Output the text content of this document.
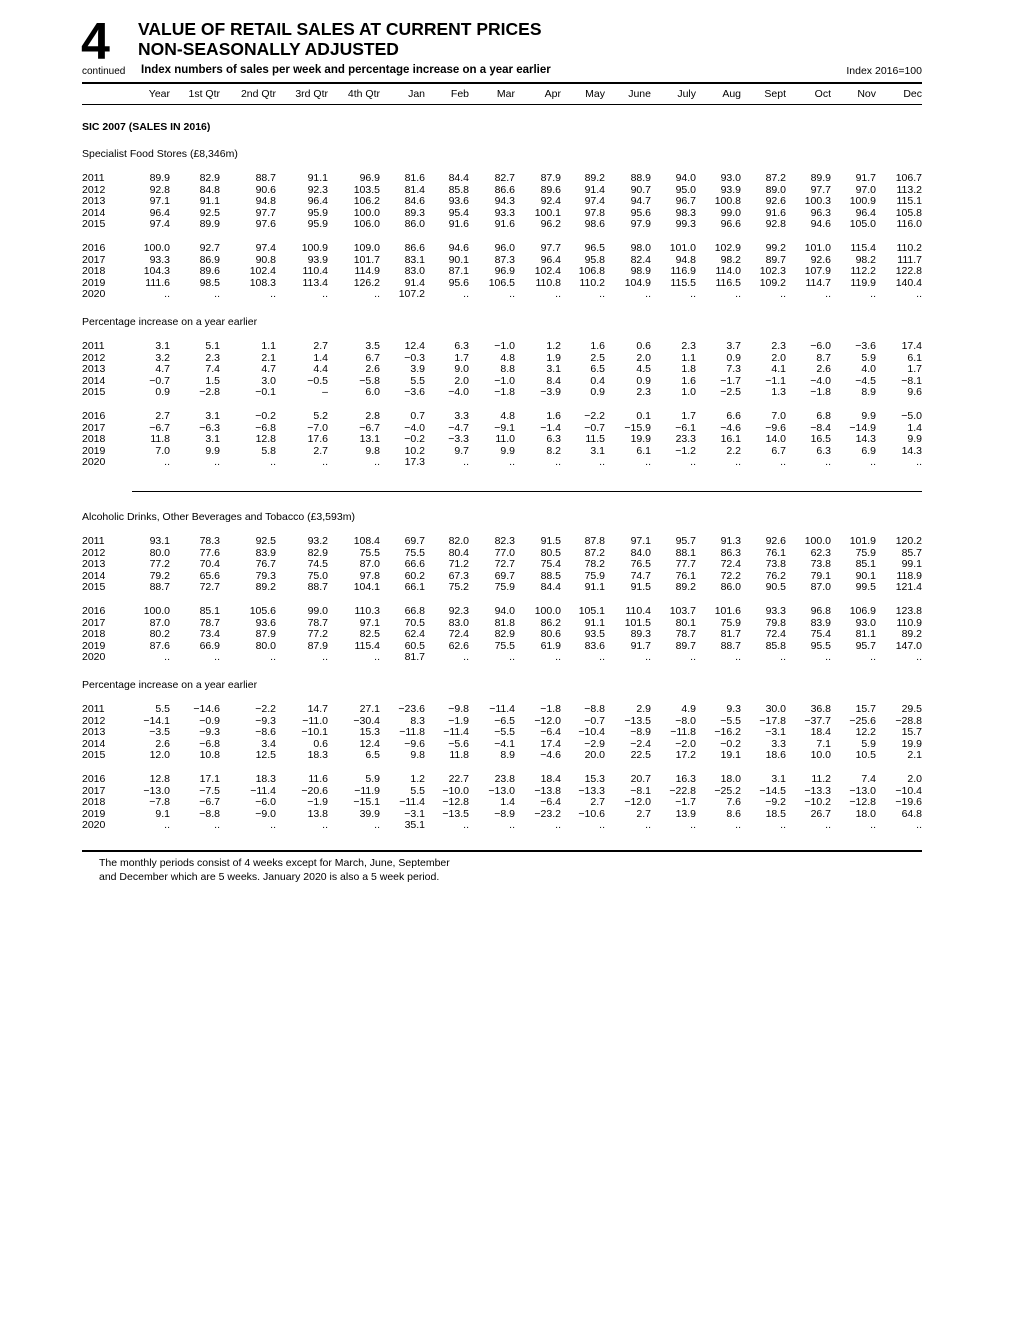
4
continued
VALUE OF RETAIL SALES AT CURRENT PRICES
NON-SEASONALLY ADJUSTED
Index numbers of sales per week and percentage increase on a year earlier	Index 2016=100
Year 1st Qtr 2nd Qtr 3rd Qtr 4th Qtr	Jan Feb	Mar	Apr May June	July	Aug Sept	Oct	Nov	Dec
SIC 2007 (SALES IN 2016)
Specialist Food Stores (£8,346m)
2011	89.9	82.9	88.7	91.1	96.9 81.6 84.4 82.7 87.9 89.2 88.9 94.0 93.0 87.2 89.9 91.7 106.7
2012	92.8	84.8	90.6	92.3 103.5 81.4 85.8 86.6 89.6 91.4 90.7 95.0 93.9 89.0 97.7 97.0 113.2
2013	97.1	91.1	94.8	96.4 106.2 84.6 93.6 94.3 92.4 97.4 94.7 96.7 100.8 92.6 100.3 100.9 115.1
2014	96.4	92.5	97.7	95.9 100.0 89.3 95.4 93.3 100.1 97.8 95.6 98.3 99.0 91.6 96.3 96.4 105.8
2015	97.4	89.9	97.6	95.9 106.0 86.0 91.6 91.6 96.2 98.6 97.9 99.3 96.6 92.8 94.6 105.0 116.0
2016	100.0	92.7	97.4 100.9 109.0 86.6 94.6 96.0 97.7 96.5 98.0 101.0 102.9 99.2 101.0 115.4 110.2
2017	93.3	86.9	90.8	93.9 101.7 83.1 90.1 87.3 96.4 95.8 82.4 94.8 98.2 89.7 92.6 98.2 111.7
2018	104.3	89.6	102.4	110.4	114.9 83.0 87.1 96.9 102.4 106.8 98.9 116.9 114.0 102.3 107.9 112.2 122.8
2019	111.6	98.5	108.3	113.4 126.2 91.4 95.6 106.5 110.8 110.2 104.9 115.5 116.5 109.2 114.7 119.9 140.4
2020	..	..	..	..	.. 107.2	..	..	..	..	..	..	..	..	..	..	..
Percentage increase on a year earlier
2011	3.1	5.1	1.1	2.7	3.5 12.4	6.3 −1.0	1.2	1.6	0.6	2.3	3.7	2.3 −6.0 −3.6 17.4
2012	3.2	2.3	2.1	1.4	6.7 −0.3	1.7	4.8	1.9	2.5	2.0	1.1	0.9	2.0	8.7	5.9	6.1
2013	4.7	7.4	4.7	4.4	2.6	3.9	9.0	8.8	3.1	6.5	4.5	1.8	7.3	4.1	2.6	4.0	1.7
2014	−0.7	1.5	3.0	−0.5	−5.8	5.5	2.0 −1.0	8.4	0.4	0.9	1.6 −1.7 −1.1 −4.0 −4.5 −8.1
2015	0.9	−2.8	−0.1	–	6.0 −3.6 −4.0 −1.8 −3.9	0.9	2.3	1.0 −2.5	1.3 −1.8	8.9	9.6
2016	2.7	3.1	−0.2	5.2	2.8	0.7	3.3	4.8	1.6 −2.2	0.1	1.7	6.6	7.0	6.8	9.9 −5.0
2017	−6.7	−6.3	−6.8	−7.0	−6.7 −4.0 −4.7 −9.1 −1.4 −0.7 −15.9 −6.1 −4.6 −9.6 −8.4 −14.9	1.4
2018	11.8	3.1	12.8	17.6	13.1 −0.2 −3.3	11.0	6.3 11.5 19.9 23.3 16.1 14.0 16.5 14.3	9.9
2019	7.0	9.9	5.8	2.7	9.8 10.2	9.7	9.9	8.2	3.1	6.1 −1.2	2.2	6.7	6.3	6.9 14.3
2020	..	..	..	..	.. 17.3	..	..	..	..	..	..	..	..	..	..	..
Alcoholic Drinks, Other Beverages and Tobacco (£3,593m)
2011	93.1	78.3	92.5	93.2 108.4 69.7 82.0 82.3 91.5 87.8 97.1 95.7 91.3 92.6 100.0 101.9 120.2
2012	80.0	77.6	83.9	82.9	75.5 75.5 80.4 77.0 80.5 87.2 84.0 88.1 86.3 76.1 62.3 75.9 85.7
2013	77.2	70.4	76.7	74.5	87.0 66.6 71.2 72.7 75.4 78.2 76.5 77.7 72.4 73.8 73.8 85.1 99.1
2014	79.2	65.6	79.3	75.0	97.8 60.2 67.3 69.7 88.5 75.9 74.7 76.1 72.2 76.2 79.1 90.1 118.9
2015	88.7	72.7	89.2	88.7 104.1 66.1 75.2 75.9 84.4 91.1 91.5 89.2 86.0 90.5 87.0 99.5 121.4
2016	100.0	85.1	105.6	99.0	110.3 66.8 92.3 94.0 100.0 105.1 110.4 103.7 101.6 93.3 96.8 106.9 123.8
2017	87.0	78.7	93.6	78.7	97.1 70.5 83.0 81.8 86.2 91.1 101.5 80.1 75.9 79.8 83.9 93.0 110.9
2018	80.2	73.4	87.9	77.2	82.5 62.4 72.4 82.9 80.6 93.5 89.3 78.7 81.7 72.4 75.4 81.1 89.2
2019	87.6	66.9	80.0	87.9	115.4 60.5 62.6 75.5 61.9 83.6 91.7 89.7 88.7 85.8 95.5 95.7 147.0
2020	..	..	..	..	.. 81.7	..	..	..	..	..	..	..	..	..	..	..
Percentage increase on a year earlier
2011	5.5 −14.6	−2.2	14.7	27.1 −23.6 −9.8 −11.4 −1.8 −8.8	2.9	4.9	9.3 30.0 36.8 15.7 29.5
2012	−14.1	−0.9	−9.3 −11.0 −30.4	8.3 −1.9 −6.5 −12.0 −0.7 −13.5 −8.0 −5.5 −17.8 −37.7 −25.6 −28.8
2013	−3.5	−9.3	−8.6 −10.1	15.3 −11.8 −11.4 −5.5 −6.4 −10.4 −8.9 −11.8 −16.2 −3.1 18.4 12.2 15.7
2014	2.6	−6.8	3.4	0.6	12.4 −9.6 −5.6 −4.1 17.4 −2.9 −2.4 −2.0 −0.2	3.3	7.1	5.9 19.9
2015	12.0	10.8	12.5	18.3	6.5	9.8 11.8	8.9 −4.6 20.0 22.5 17.2 19.1 18.6 10.0 10.5	2.1
2016	12.8	17.1	18.3	11.6	5.9	1.2 22.7 23.8 18.4 15.3 20.7 16.3 18.0	3.1 11.2	7.4	2.0
2017	−13.0	−7.5	−11.4 −20.6 −11.9	5.5 −10.0 −13.0 −13.8 −13.3 −8.1 −22.8 −25.2 −14.5 −13.3 −13.0 −10.4
2018	−7.8	−6.7	−6.0	−1.9 −15.1 −11.4 −12.8	1.4 −6.4	2.7 −12.0 −1.7	7.6 −9.2 −10.2 −12.8 −19.6
2019	9.1	−8.8	−9.0	13.8	39.9 −3.1 −13.5 −8.9 −23.2 −10.6	2.7 13.9	8.6 18.5 26.7 18.0 64.8
2020	..	..	..	..	.. 35.1	..	..	..	..	..	..	..	..	..	..	..
The monthly periods consist of 4 weeks except for March, June, September
and December which are 5 weeks. January 2020 is also a 5 week period.
